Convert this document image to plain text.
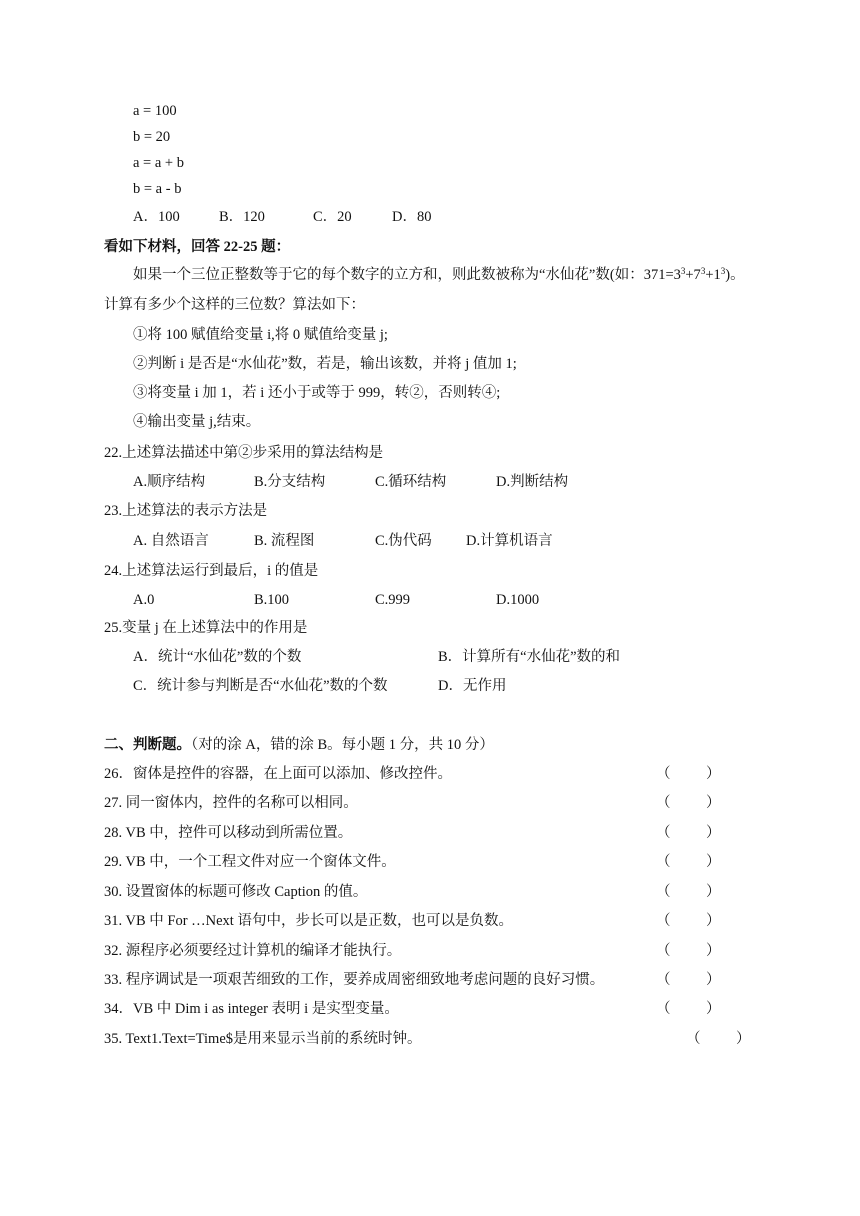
a = 100
b = 20
a = a + b
b = a - b
A．100	B．120	C．20	D．80
看如下材料，回答 22-25 题：
如果一个三位正整数等于它的每个数字的立方和，则此数被称为“水仙花”数(如：$371=3^3+7^3+1^3$)。
计算有多少个这样的三位数？算法如下：
①将 100 赋值给变量 i,将 0 赋值给变量 j;
②判断 i 是否是“水仙花”数，若是，输出该数，并将 j 值加 1;
③将变量 i 加 1，若 i 还小于或等于 999，转②，否则转④;
④输出变量 j,结束。
22.上述算法描述中第②步采用的算法结构是
A.顺序结构	B.分支结构	C.循环结构	D.判断结构
23.上述算法的表示方法是
A. 自然语言	B. 流程图	C.伪代码 D.计算机语言
24.上述算法运行到最后，i 的值是
A.0	B.100	C.999	D.1000
25.变量 j 在上述算法中的作用是
A．统计“水仙花”数的个数	B．计算所有“水仙花”数的和
C．统计参与判断是否“水仙花”数的个数	D．无作用
二、判断题。（对的涂 A，错的涂 B。每小题 1 分，共 10 分）
26．窗体是控件的容器，在上面可以添加、修改控件。	（ ）
27. 同一窗体内，控件的名称可以相同。	（ ）
28. VB 中，控件可以移动到所需位置。	（ ）
29. VB 中，一个工程文件对应一个窗体文件。	（ ）
30. 设置窗体的标题可修改 Caption 的值。	（ ）
31. VB 中 For …Next 语句中，步长可以是正数，也可以是负数。	（ ）
32. 源程序必须要经过计算机的编译才能执行。	（ ）
33. 程序调试是一项艰苦细致的工作，要养成周密细致地考虑问题的良好习惯。	（ ）
34．VB 中 Dim i as integer 表明 i 是实型变量。	（ ）
35. Text1.Text=Time$是用来显示当前的系统时钟。	（ ）
